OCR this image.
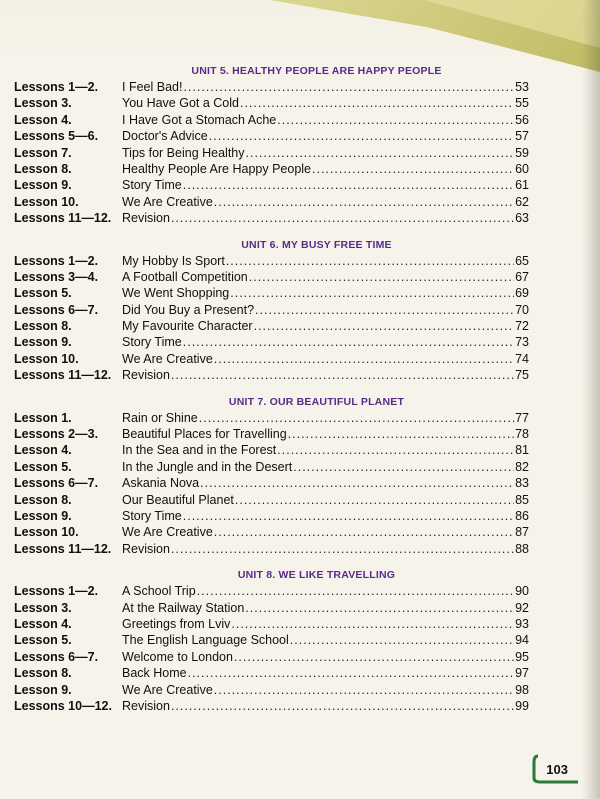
UNIT 5. HEALTHY PEOPLE ARE HAPPY PEOPLE
Lessons 1—2.	I Feel Bad! .....	53
Lesson 3.	You Have Got a Cold .....	55
Lesson 4.	I Have Got a Stomach Ache .....	56
Lessons 5—6.	Doctor's Advice .....	57
Lesson 7.	Tips for Being Healthy .....	59
Lesson 8.	Healthy People Are Happy People .....	60
Lesson 9.	Story Time .....	61
Lesson 10.	We Are Creative .....	62
Lessons 11—12. Revision .....	63
UNIT 6. MY BUSY FREE TIME
Lessons 1—2.	My Hobby Is Sport .....	65
Lessons 3—4.	A Football Competition .....	67
Lesson 5.	We Went Shopping .....	69
Lessons 6—7.	Did You Buy a Present? .....	70
Lesson 8.	My Favourite Character .....	72
Lesson 9.	Story Time .....	73
Lesson 10.	We Are Creative .....	74
Lessons 11—12. Revision .....	75
UNIT 7. OUR BEAUTIFUL PLANET
Lesson 1.	Rain or Shine .....	77
Lessons 2—3.	Beautiful Places for Travelling .....	78
Lesson 4.	In the Sea and in the Forest .....	81
Lesson 5.	In the Jungle and in the Desert .....	82
Lessons 6—7.	Askania Nova .....	83
Lesson 8.	Our Beautiful Planet .....	85
Lesson 9.	Story Time .....	86
Lesson 10.	We Are Creative .....	87
Lessons 11—12. Revision .....	88
UNIT 8. WE LIKE TRAVELLING
Lessons 1—2.	A School Trip .....	90
Lesson 3.	At the Railway Station .....	92
Lesson 4.	Greetings from Lviv .....	93
Lesson 5.	The English Language School .....	94
Lessons 6—7.	Welcome to London .....	95
Lesson 8.	Back Home .....	97
Lesson 9.	We Are Creative .....	98
Lessons 10—12. Revision .....	99
103
